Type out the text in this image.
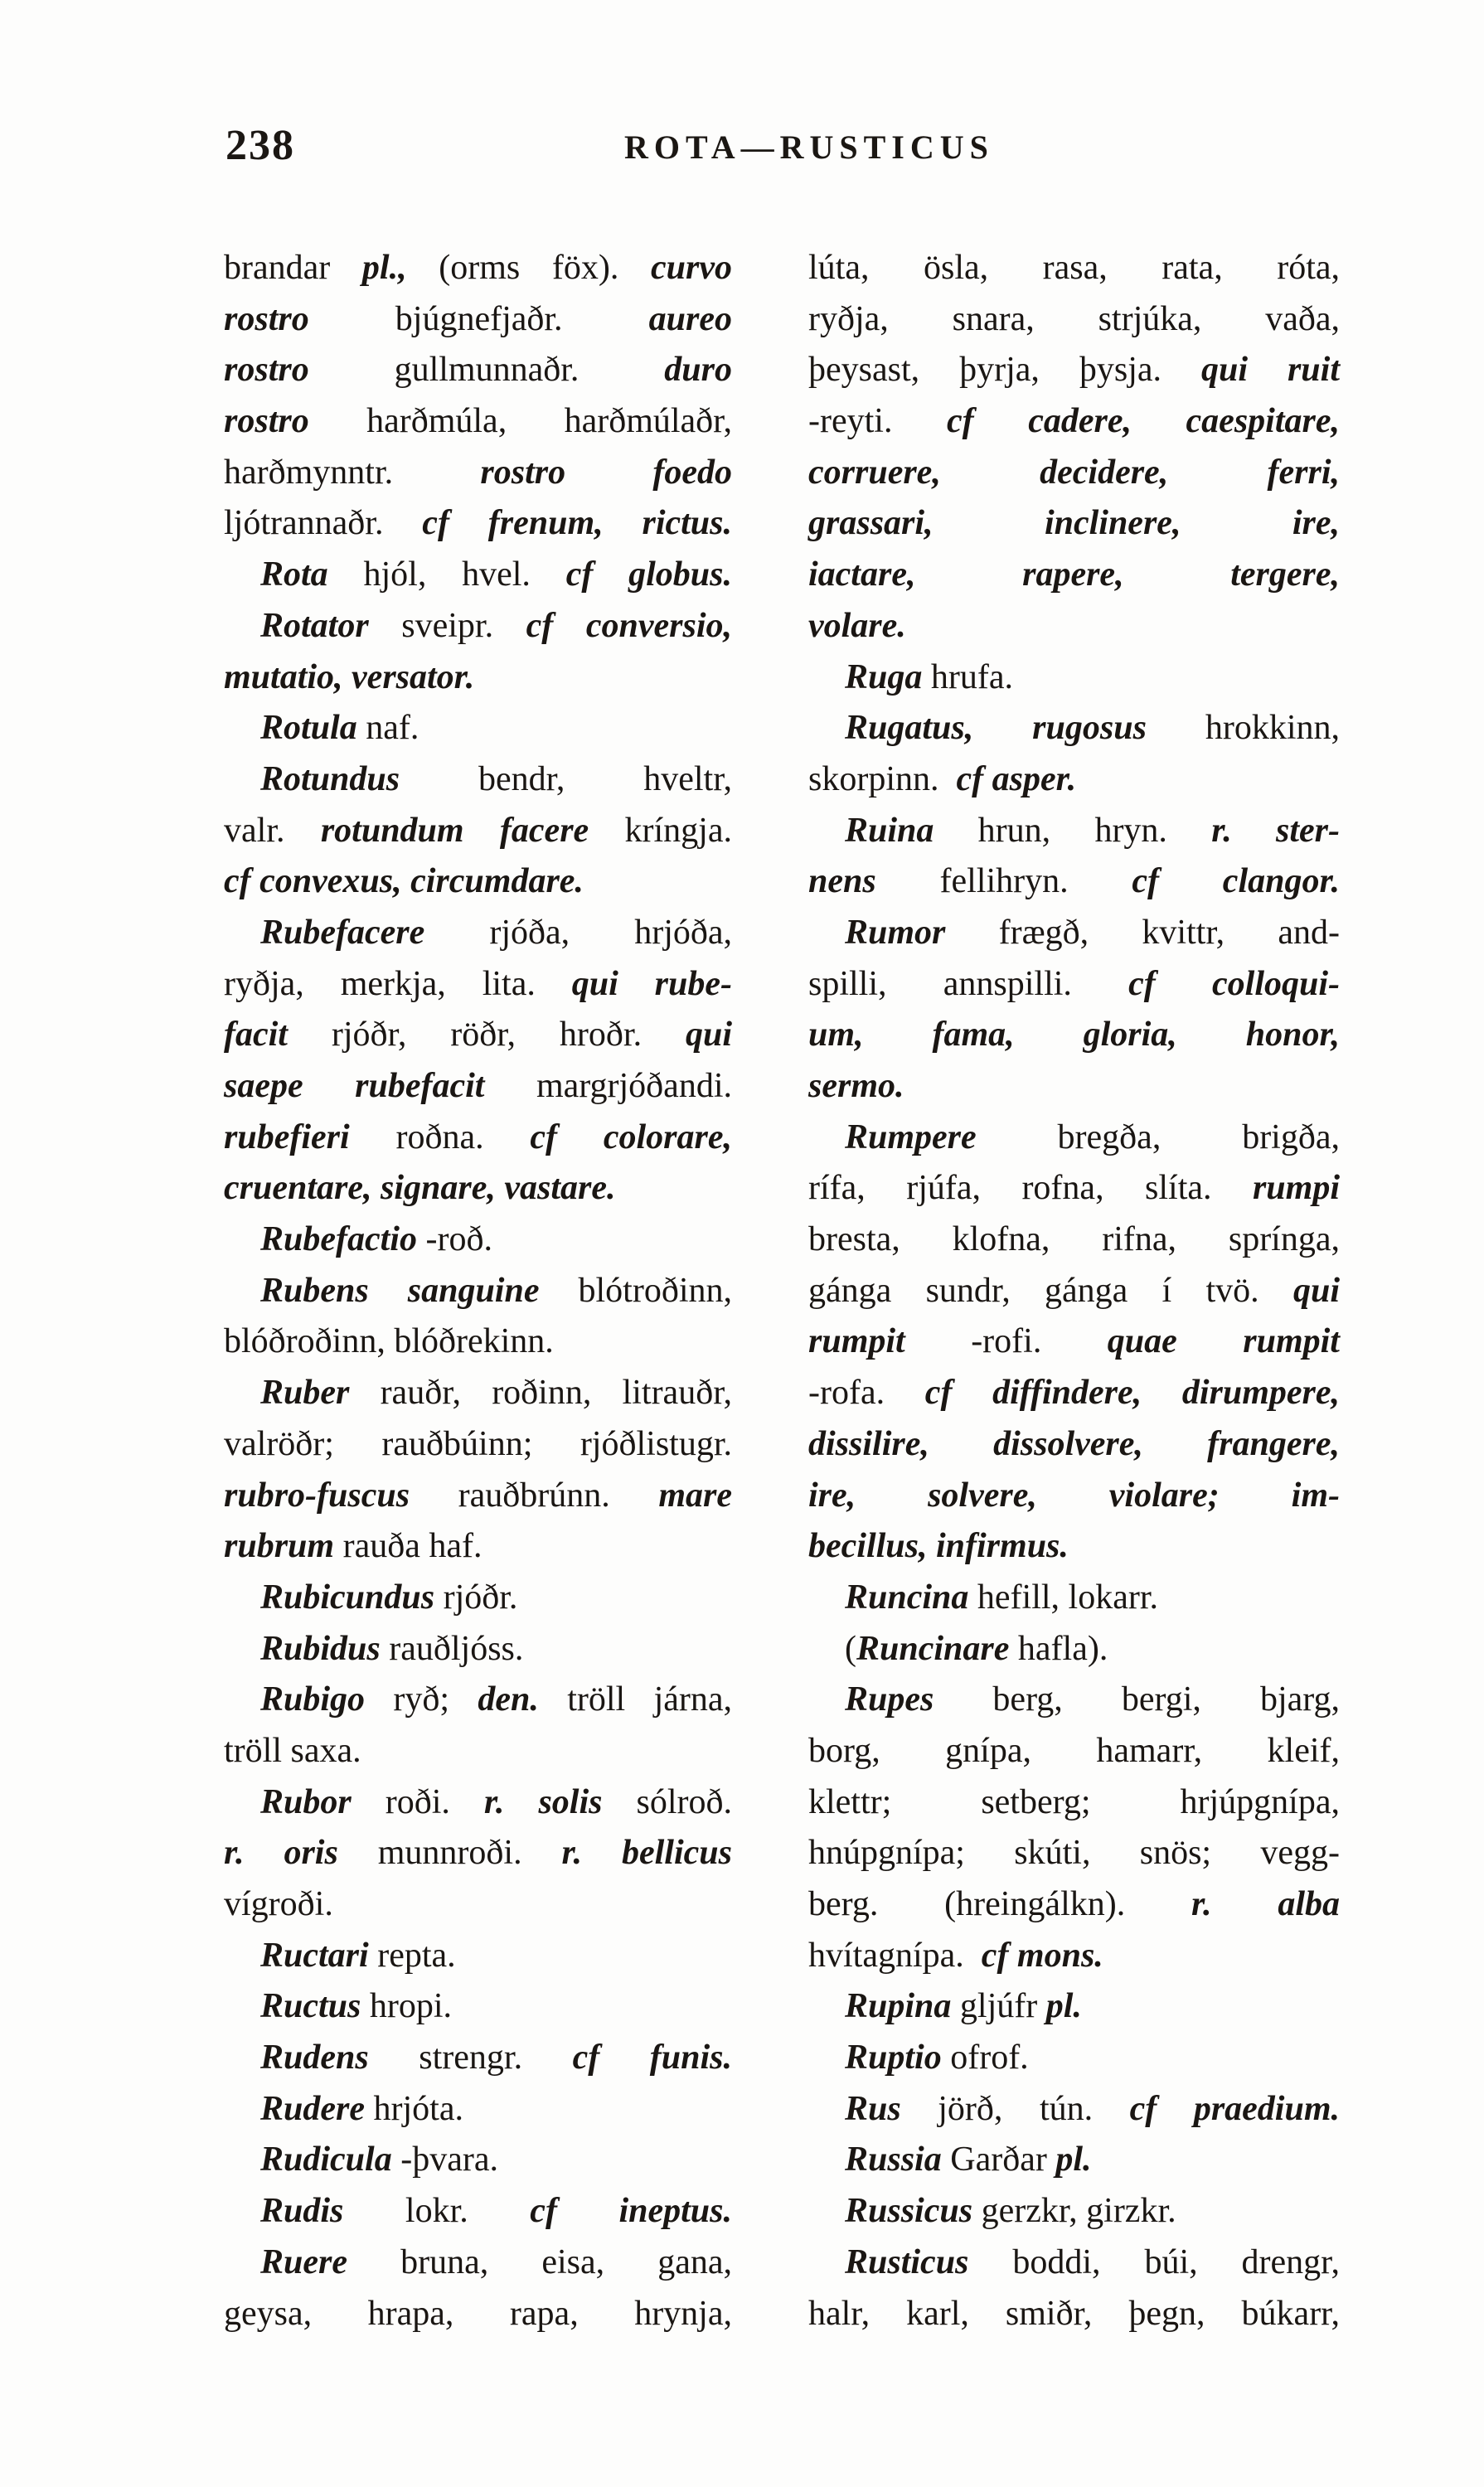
238	ROTA—RUSTICUS
brandar pl., (orms föx). curvo
rostro bjúgnefjaðr. aureo
rostro gullmunnaðr. duro
rostro harðmúla, harðmúlaðr,
harðmynntr. rostro foedo
ljótrannaðr. cf frenum, rictus.
Rota hjól, hvel. cf globus.
Rotator sveipr. cf conversio,
mutatio, versator.
Rotula naf.
Rotundus bendr, hveltr,
valr. rotundum facere kríngja.
cf convexus, circumdare.
Rubefacere rjóða, hrjóða,
ryðja, merkja, lita. qui rube-
facit rjóðr, röðr, hroðr. qui
saepe rubefacit margrjóðandi.
rubefieri roðna. cf colorare,
cruentare, signare, vastare.
Rubefactio -roð.
Rubens sanguine blótroðinn,
blóðroðinn, blóðrekinn.
Ruber rauðr, roðinn, litrauðr,
valröðr; rauðbúinn; rjóðlistugr.
rubro-fuscus rauðbrúnn. mare
rubrum rauða haf.
Rubicundus rjóðr.
Rubidus rauðljóss.
Rubigo ryð; den. tröll járna,
tröll saxa.
Rubor roði. r. solis sólroð.
r. oris munnroði. r. bellicus
vígroði.
Ructari repta.
Ructus hropi.
Rudens strengr. cf funis.
Rudere hrjóta.
Rudicula -þvara.
Rudis lokr. cf ineptus.
Ruere bruna, eisa, gana,
geysa, hrapa, rapa, hrynja,
lúta, ösla, rasa, rata, róta,
ryðja, snara, strjúka, vaða,
þeysast, þyrja, þysja. qui ruit
-reyti. cf cadere, caespitare,
corruere, decidere, ferri,
grassari, inclinere, ire,
iactare, rapere, tergere,
volare.
Ruga hrufa.
Rugatus, rugosus hrokkinn,
skorpinn.  cf asper.
Ruina hrun, hryn. r. ster-
nens fellihryn. cf clangor.
Rumor frægð, kvittr, and-
spilli, annspilli. cf colloqui-
um, fama, gloria, honor,
sermo.
Rumpere bregða, brigða,
rífa, rjúfa, rofna, slíta. rumpi
bresta, klofna, rifna, sprínga,
gánga sundr, gánga í tvö. qui
rumpit -rofi. quae rumpit
-rofa. cf diffindere, dirumpere,
dissilire, dissolvere, frangere,
ire, solvere, violare; im-
becillus, infirmus.
Runcina hefill, lokarr.
(Runcinare hafla).
Rupes berg, bergi, bjarg,
borg, gnípa, hamarr, kleif,
klettr; setberg; hrjúpgnípa,
hnúpgnípa; skúti, snös; vegg-
berg. (hreingálkn). r. alba
hvítagnípa.  cf mons.
Rupina gljúfr pl.
Ruptio ofrof.
Rus jörð, tún. cf praedium.
Russia Garðar pl.
Russicus gerzkr, girzkr.
Rusticus boddi, búi, drengr,
halr, karl, smiðr, þegn, búkarr,
